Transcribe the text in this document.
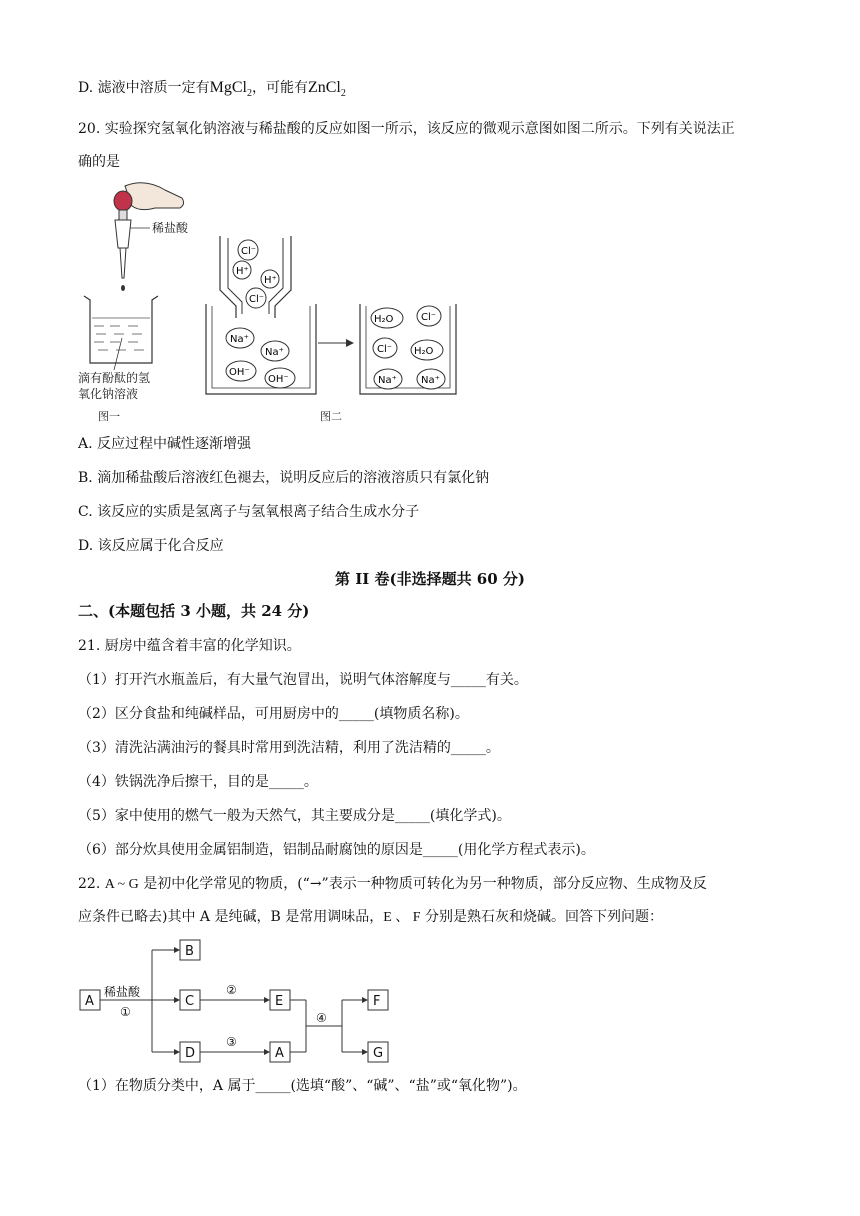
D. 滤液中溶质一定有MgCl$_2$，可能有ZnCl$_2$
20. 实验探究氢氧化钠溶液与稀盐酸的反应如图一所示，该反应的微观示意图如图二所示。下列有关说法正
确的是
稀盐酸
滴有酚酞的氢
氧化钠溶液
图一
Cl⁻
H⁺
H⁺
Cl⁻
Na⁺
Na⁺
OH⁻
OH⁻
H₂O	Cl⁻
Cl⁻ H₂O
Na⁺ Na⁺
图二
A. 反应过程中碱性逐渐增强
B. 滴加稀盐酸后溶液红色褪去，说明反应后的溶液溶质只有氯化钠
C. 该反应的实质是氢离子与氢氧根离子结合生成水分子
D. 该反应属于化合反应
第 II 卷(非选择题共 60 分)
二、(本题包括 3 小题，共 24 分)
21. 厨房中蕴含着丰富的化学知识。
（1）打开汽水瓶盖后，有大量气泡冒出，说明气体溶解度与_____有关。
（2）区分食盐和纯碱样品，可用厨房中的_____(填物质名称)。
（3）清洗沾满油污的餐具时常用到洗洁精，利用了洗洁精的_____。
（4）铁锅洗净后擦干，目的是_____。
（5）家中使用的燃气一般为天然气，其主要成分是_____(填化学式)。
（6）部分炊具使用金属铝制造，铝制品耐腐蚀的原因是_____(用化学方程式表示)。
22. A ~ G 是初中化学常见的物质，(“→”表示一种物质可转化为另一种物质，部分反应物、生成物及反
应条件已略去)其中 A 是纯碱，B 是常用调味品，E 、 F 分别是熟石灰和烧碱。回答下列问题：
A
B
C
D
E
A
F
G
稀盐酸
①
②
③
④
（1）在物质分类中，A 属于_____(选填“酸”、“碱”、“盐”或“氧化物”)。
